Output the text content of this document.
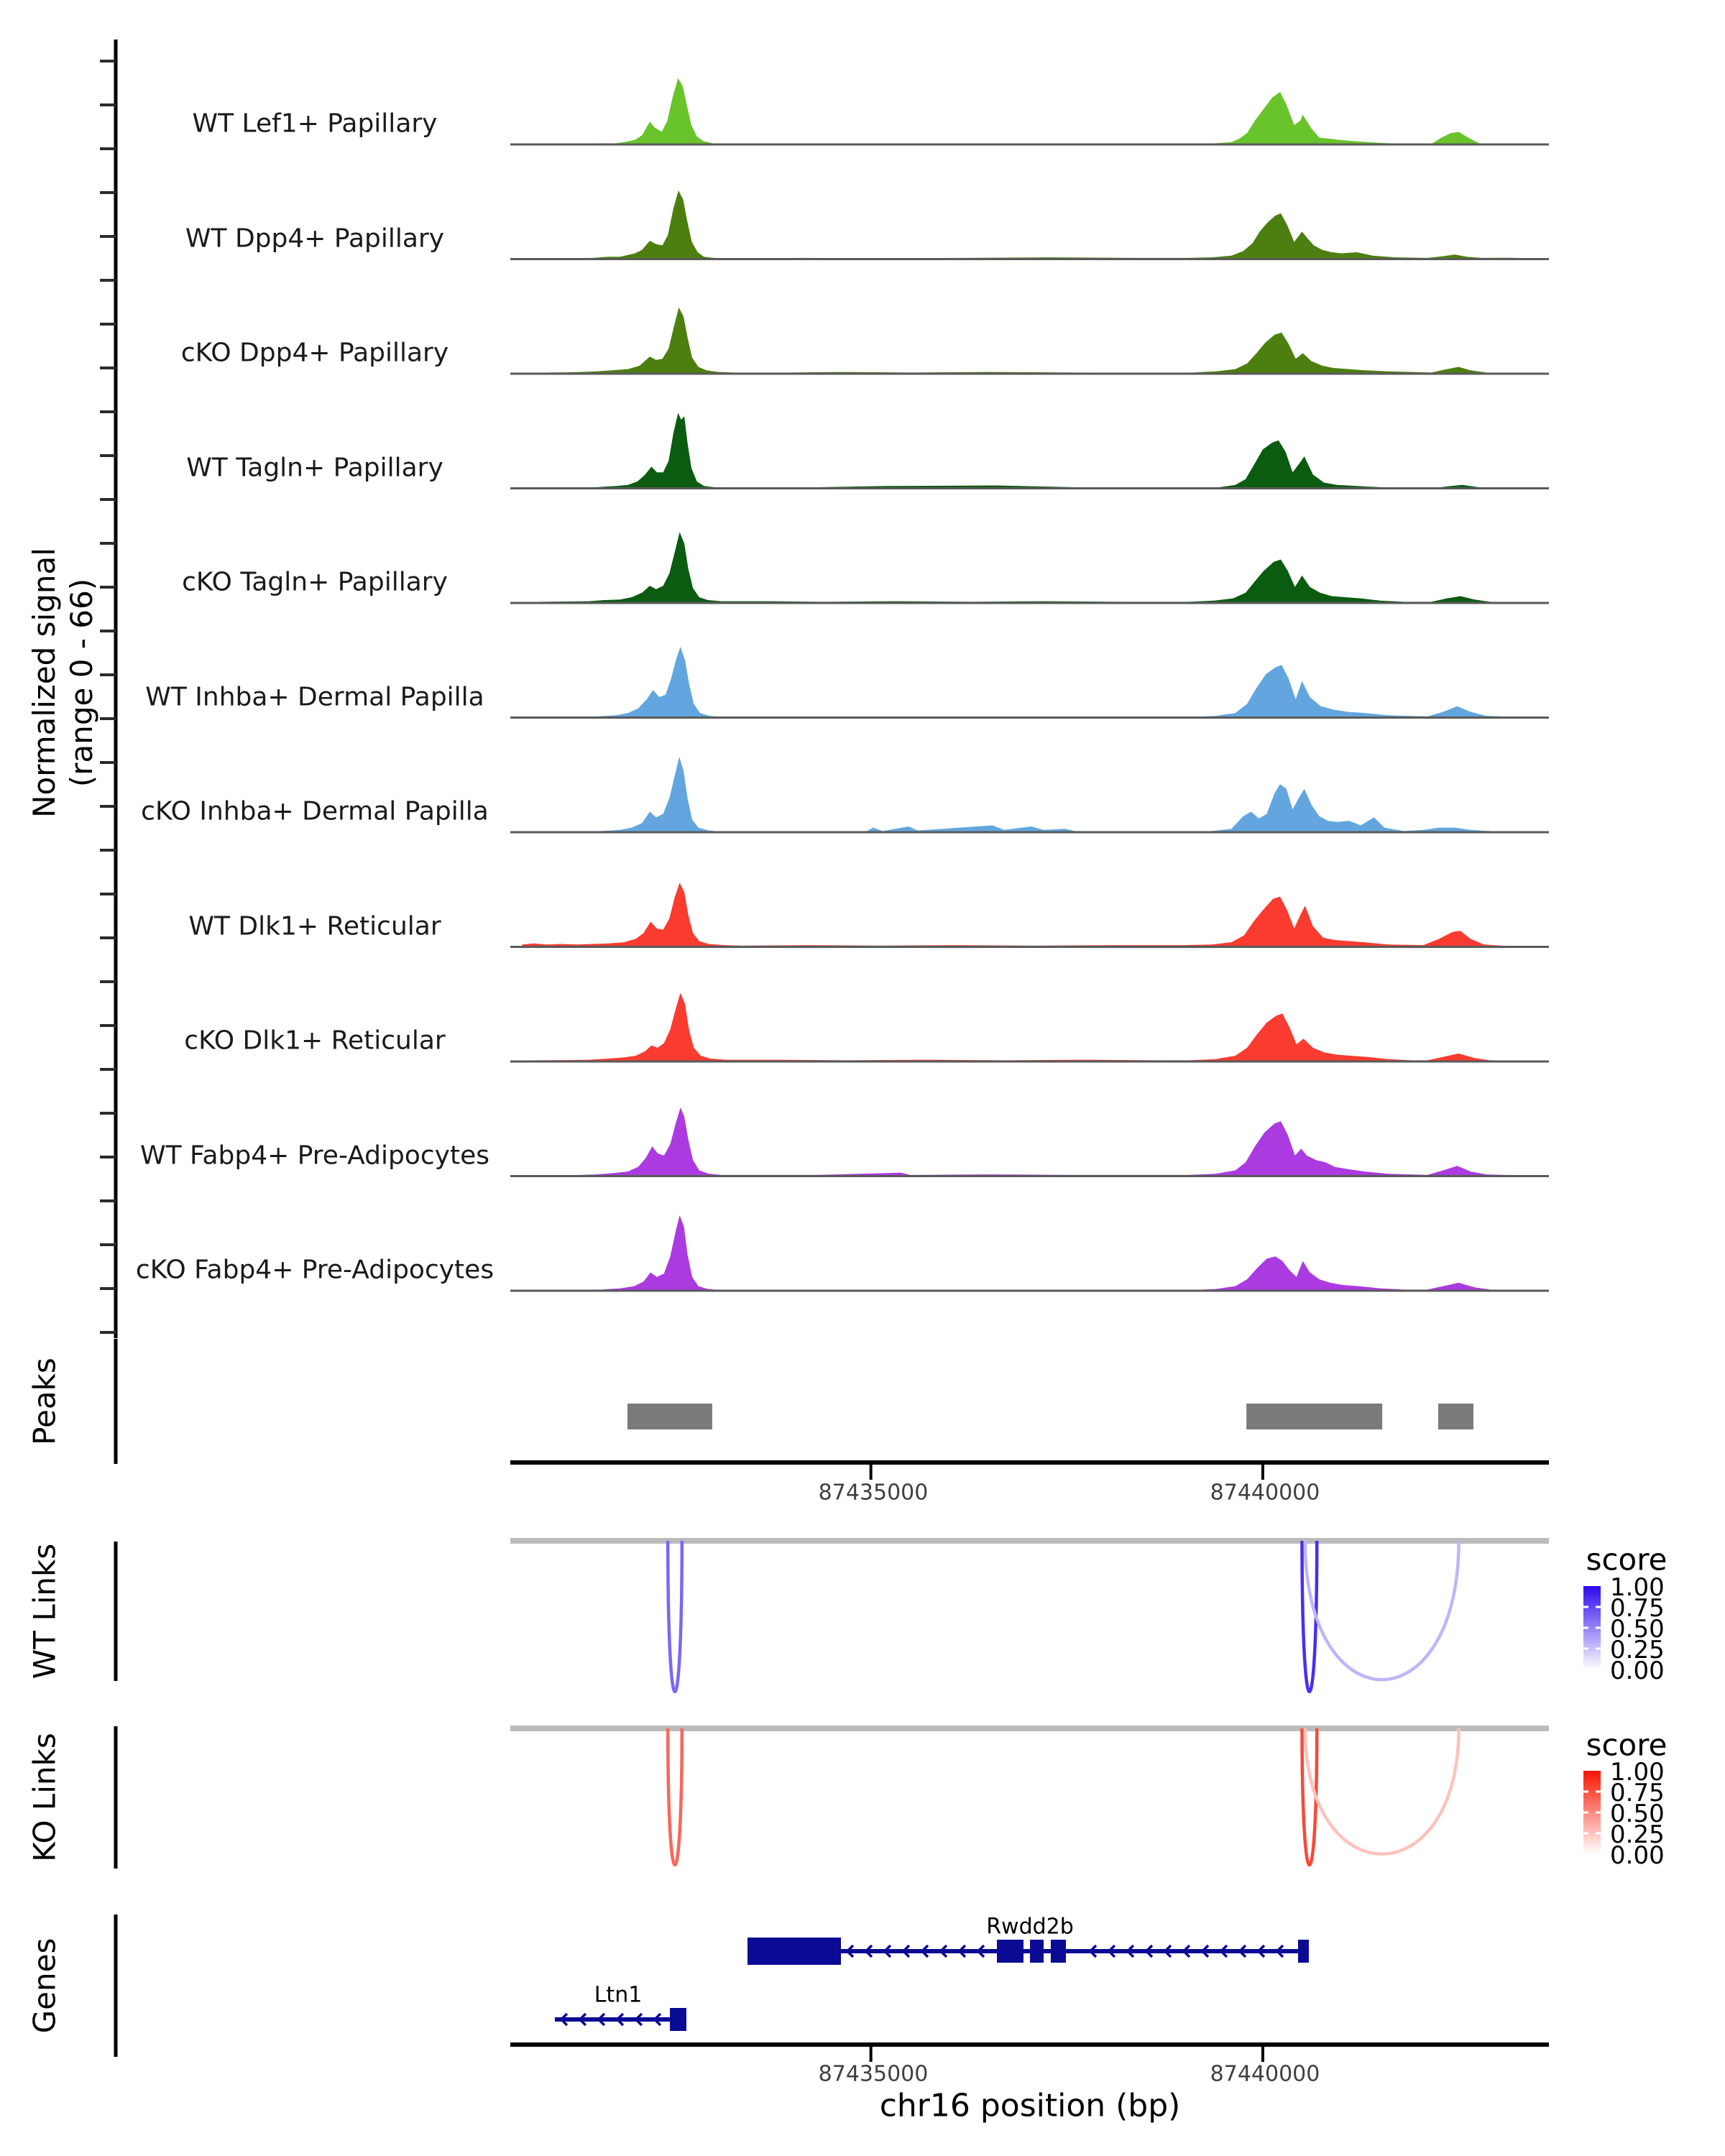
Normalized signal (range 0 - 66)
Peaks
WT Links
KO Links
Genes
87435000	87440000
score
1.00
0.75
0.50
0.25
0.00
score
1.00
0.75
0.50
0.25
0.00
Rwdd2b
Ltn1
87435000	87440000
chr16 position (bp)
WT Lef1+ Papillary
WT Dpp4+ Papillary
cKO Dpp4+ Papillary
WT Tagln+ Papillary
cKO Tagln+ Papillary
WT Inhba+ Dermal Papilla
cKO Inhba+ Dermal Papilla
WT Dlk1+ Reticular
cKO Dlk1+ Reticular
WT Fabp4+ Pre-Adipocytes
cKO Fabp4+ Pre-Adipocytes
